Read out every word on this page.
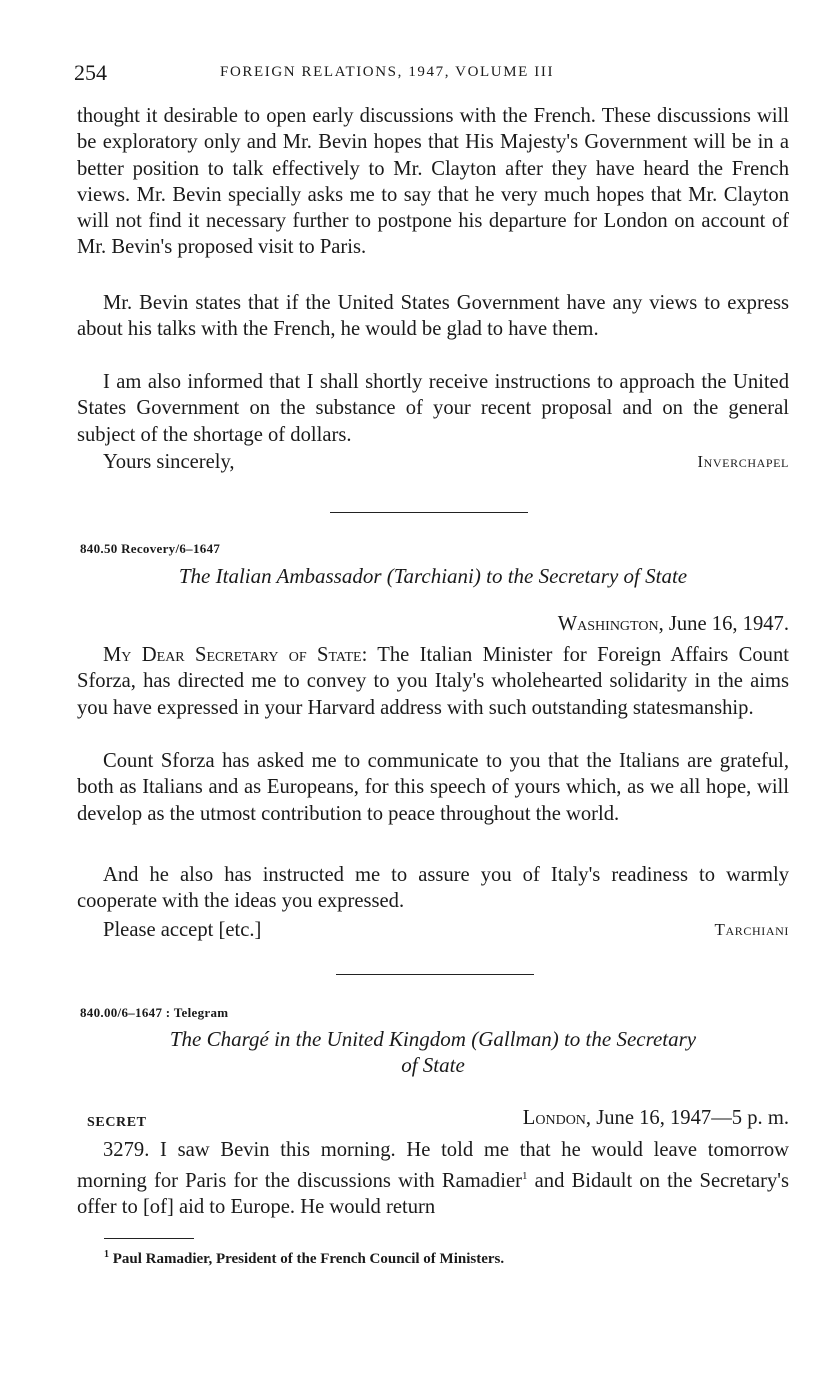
254	FOREIGN RELATIONS, 1947, VOLUME III

thought it desirable to open early discussions with the French. These discussions will be exploratory only and Mr. Bevin hopes that His Majesty's Government will be in a better position to talk effectively to Mr. Clayton after they have heard the French views. Mr. Bevin specially asks me to say that he very much hopes that Mr. Clayton will not find it necessary further to postpone his departure for London on account of Mr. Bevin's proposed visit to Paris.

Mr. Bevin states that if the United States Government have any views to express about his talks with the French, he would be glad to have them.

I am also informed that I shall shortly receive instructions to approach the United States Government on the substance of your recent proposal and on the general subject of the shortage of dollars.

Yours sincerely,	Inverchapel
840.50 Recovery/6–1647

The Italian Ambassador (Tarchiani) to the Secretary of State

Washington, June 16, 1947.

My Dear Secretary of State: The Italian Minister for Foreign Affairs Count Sforza, has directed me to convey to you Italy's wholehearted solidarity in the aims you have expressed in your Harvard address with such outstanding statesmanship.

Count Sforza has asked me to communicate to you that the Italians are grateful, both as Italians and as Europeans, for this speech of yours which, as we all hope, will develop as the utmost contribution to peace throughout the world.

And he also has instructed me to assure you of Italy's readiness to warmly cooperate with the ideas you expressed.

Please accept [etc.]	Tarchiani
840.00/6–1647 : Telegram

The Chargé in the United Kingdom (Gallman) to the Secretary
of State

SECRET	London, June 16, 1947—5 p. m.

3279. I saw Bevin this morning. He told me that he would leave tomorrow morning for Paris for the discussions with Ramadier$^1$ and Bidault on the Secretary's offer to [of] aid to Europe. He would return

$^1$ Paul Ramadier, President of the French Council of Ministers.
